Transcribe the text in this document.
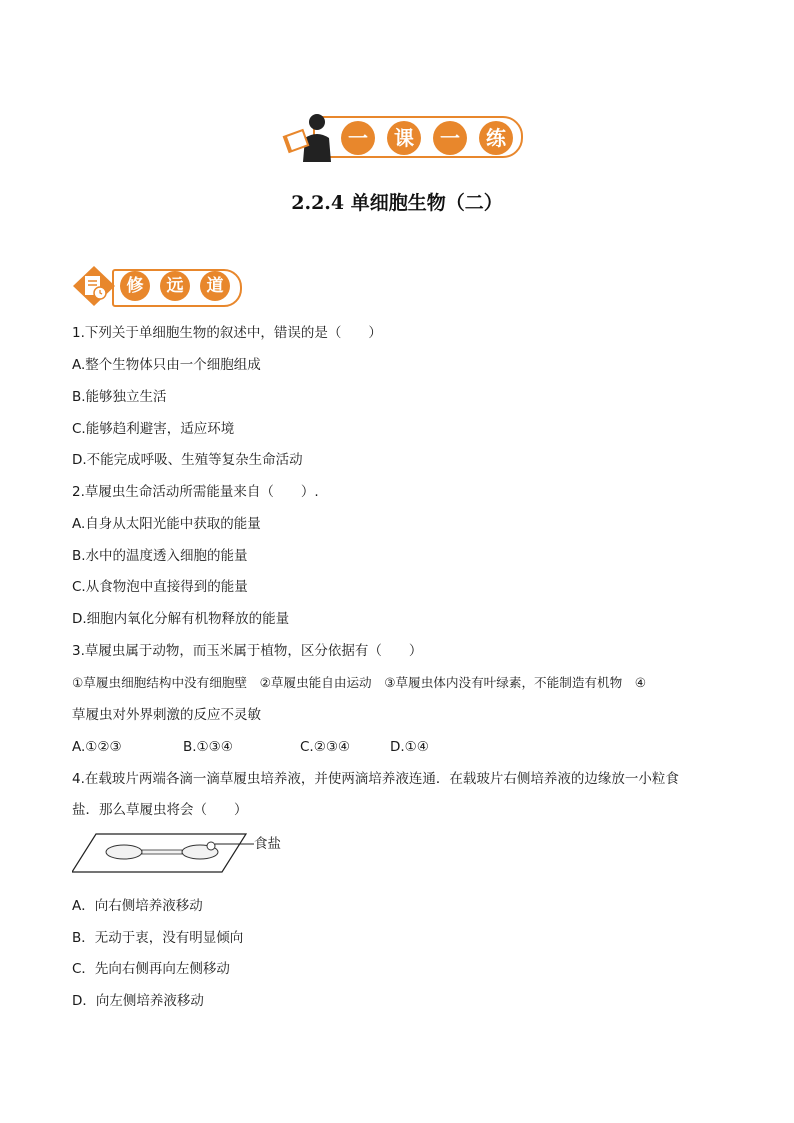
一	课	一	练
2.2.4 单细胞生物（二）
修	远	道
1.下列关于单细胞生物的叙述中，错误的是（　　）
A.整个生物体只由一个细胞组成
B.能够独立生活
C.能够趋利避害，适应环境
D.不能完成呼吸、生殖等复杂生命活动
2.草履虫生命活动所需能量来自（　　）.
A.自身从太阳光能中获取的能量
B.水中的温度透入细胞的能量
C.从食物泡中直接得到的能量
D.细胞内氧化分解有机物释放的能量
3.草履虫属于动物，而玉米属于植物，区分依据有（　　）
①草履虫细胞结构中没有细胞壁　②草履虫能自由运动　③草履虫体内没有叶绿素，不能制造有机物　④
草履虫对外界刺激的反应不灵敏
A.①②③	B.①③④	C.②③④	D.①④
4.在载玻片两端各滴一滴草履虫培养液，并使两滴培养液连通．在载玻片右侧培养液的边缘放一小粒食
盐．那么草履虫将会（　　）
食盐
A．向右侧培养液移动
B．无动于衷，没有明显倾向
C．先向右侧再向左侧移动
D．向左侧培养液移动
